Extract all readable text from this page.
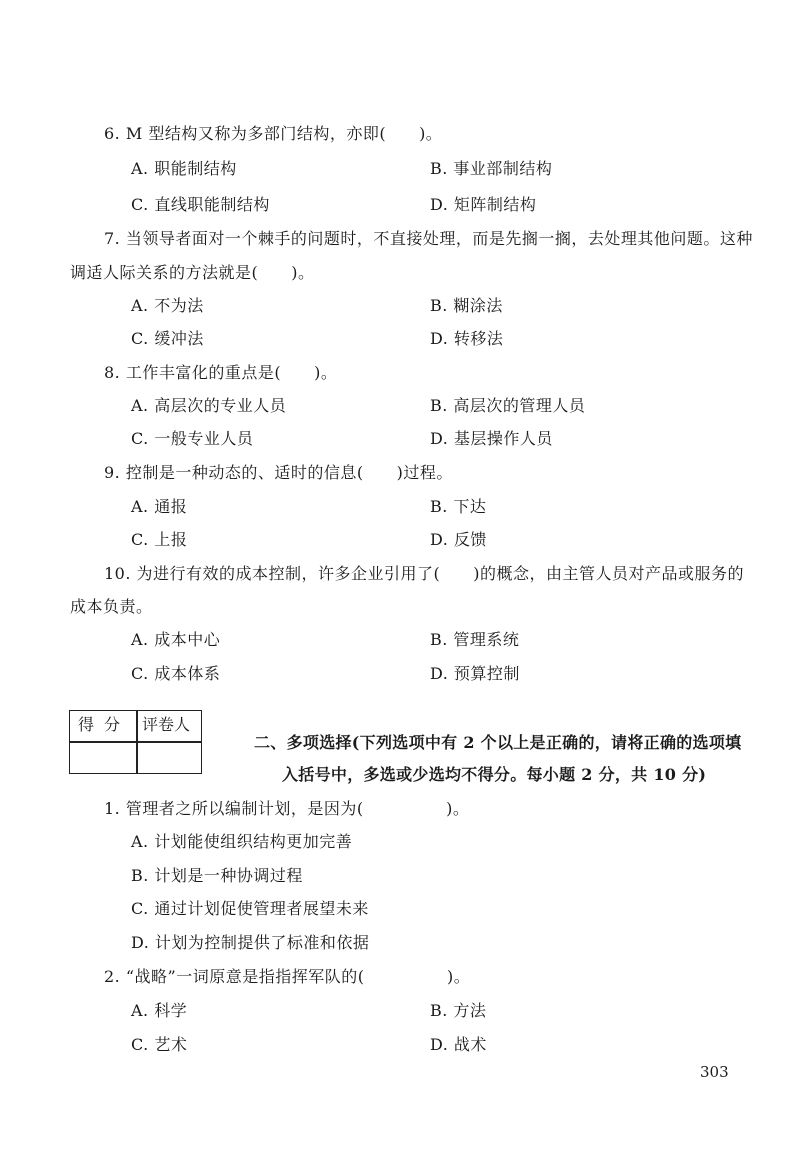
6. M 型结构又称为多部门结构，亦即(　　)。
A. 职能制结构	B. 事业部制结构
C. 直线职能制结构	D. 矩阵制结构
7. 当领导者面对一个棘手的问题时，不直接处理，而是先搁一搁，去处理其他问题。这种
调适人际关系的方法就是(　　)。
A. 不为法	B. 糊涂法
C. 缓冲法	D. 转移法
8. 工作丰富化的重点是(　　)。
A. 高层次的专业人员	B. 高层次的管理人员
C. 一般专业人员	D. 基层操作人员
9. 控制是一种动态的、适时的信息(　　)过程。
A. 通报	B. 下达
C. 上报	D. 反馈
10. 为进行有效的成本控制，许多企业引用了(　　)的概念，由主管人员对产品或服务的
成本负责。
A. 成本中心	B. 管理系统
C. 成本体系	D. 预算控制
得分 评卷人
二、多项选择(下列选项中有 2 个以上是正确的，请将正确的选项填
入括号中，多选或少选均不得分。每小题 2 分，共 10 分)
1. 管理者之所以编制计划，是因为(　　　　　)。
A. 计划能使组织结构更加完善
B. 计划是一种协调过程
C. 通过计划促使管理者展望未来
D. 计划为控制提供了标准和依据
2. “战略”一词原意是指指挥军队的(　　　　　)。
A. 科学	B. 方法
C. 艺术	D. 战术
303
